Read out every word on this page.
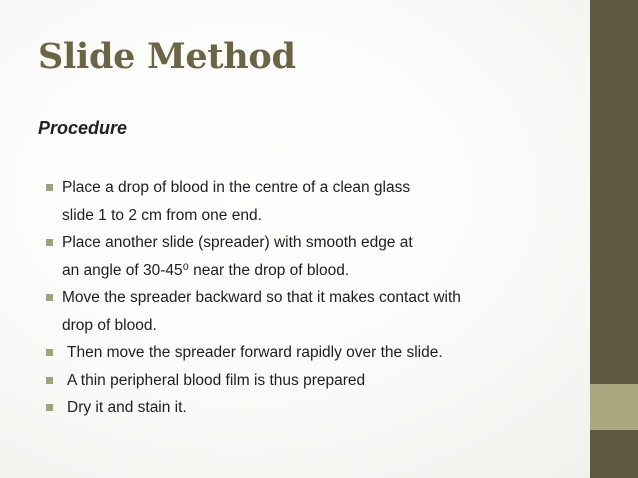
Slide Method
Procedure
Place a drop of blood in the centre of a clean glass
slide 1 to 2 cm from one end.
Place another slide (spreader) with smooth edge at
an angle of 30-45⁰ near the drop of blood.
Move the spreader backward so that it makes contact with
drop of blood.
Then move the spreader forward rapidly over the slide.
A thin peripheral blood film is thus prepared
Dry it and stain it.
